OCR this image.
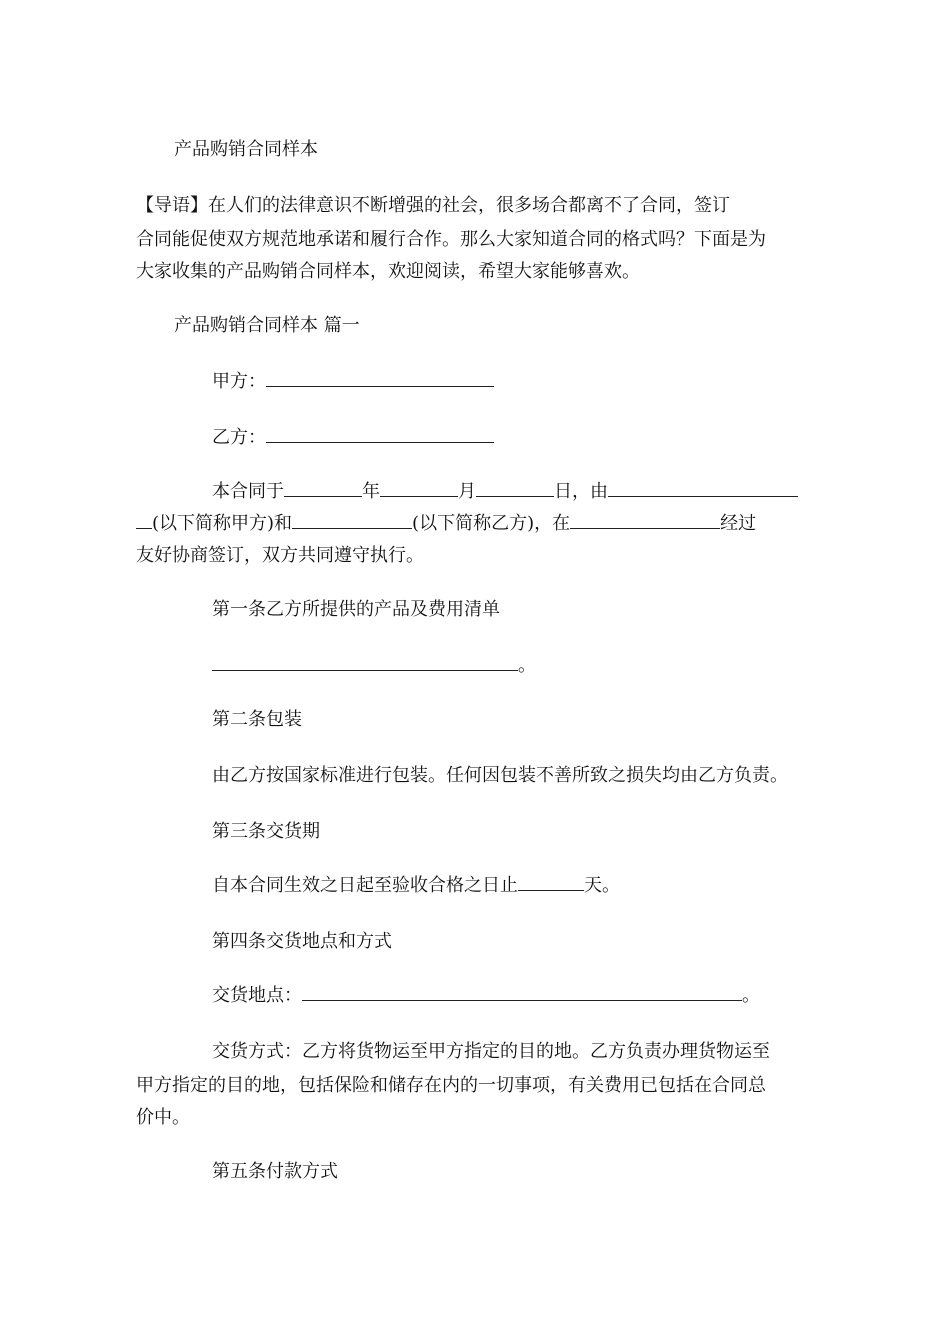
产品购销合同样本
【导语】在人们的法律意识不断增强的社会，很多场合都离不了合同，签订
合同能促使双方规范地承诺和履行合作。那么大家知道合同的格式吗？下面是为
大家收集的产品购销合同样本，欢迎阅读，希望大家能够喜欢。
产品购销合同样本 篇一
甲方：
乙方：
本合同于	年	月	日，由
(以下简称甲方)和	(以下简称乙方)，在	经过
友好协商签订，双方共同遵守执行。
第一条乙方所提供的产品及费用清单
。
第二条包装
由乙方按国家标准进行包装。任何因包装不善所致之损失均由乙方负责。
第三条交货期
自本合同生效之日起至验收合格之日止	天。
第四条交货地点和方式
交货地点：	。
交货方式：乙方将货物运至甲方指定的目的地。乙方负责办理货物运至
甲方指定的目的地，包括保险和储存在内的一切事项，有关费用已包括在合同总
价中。
第五条付款方式
